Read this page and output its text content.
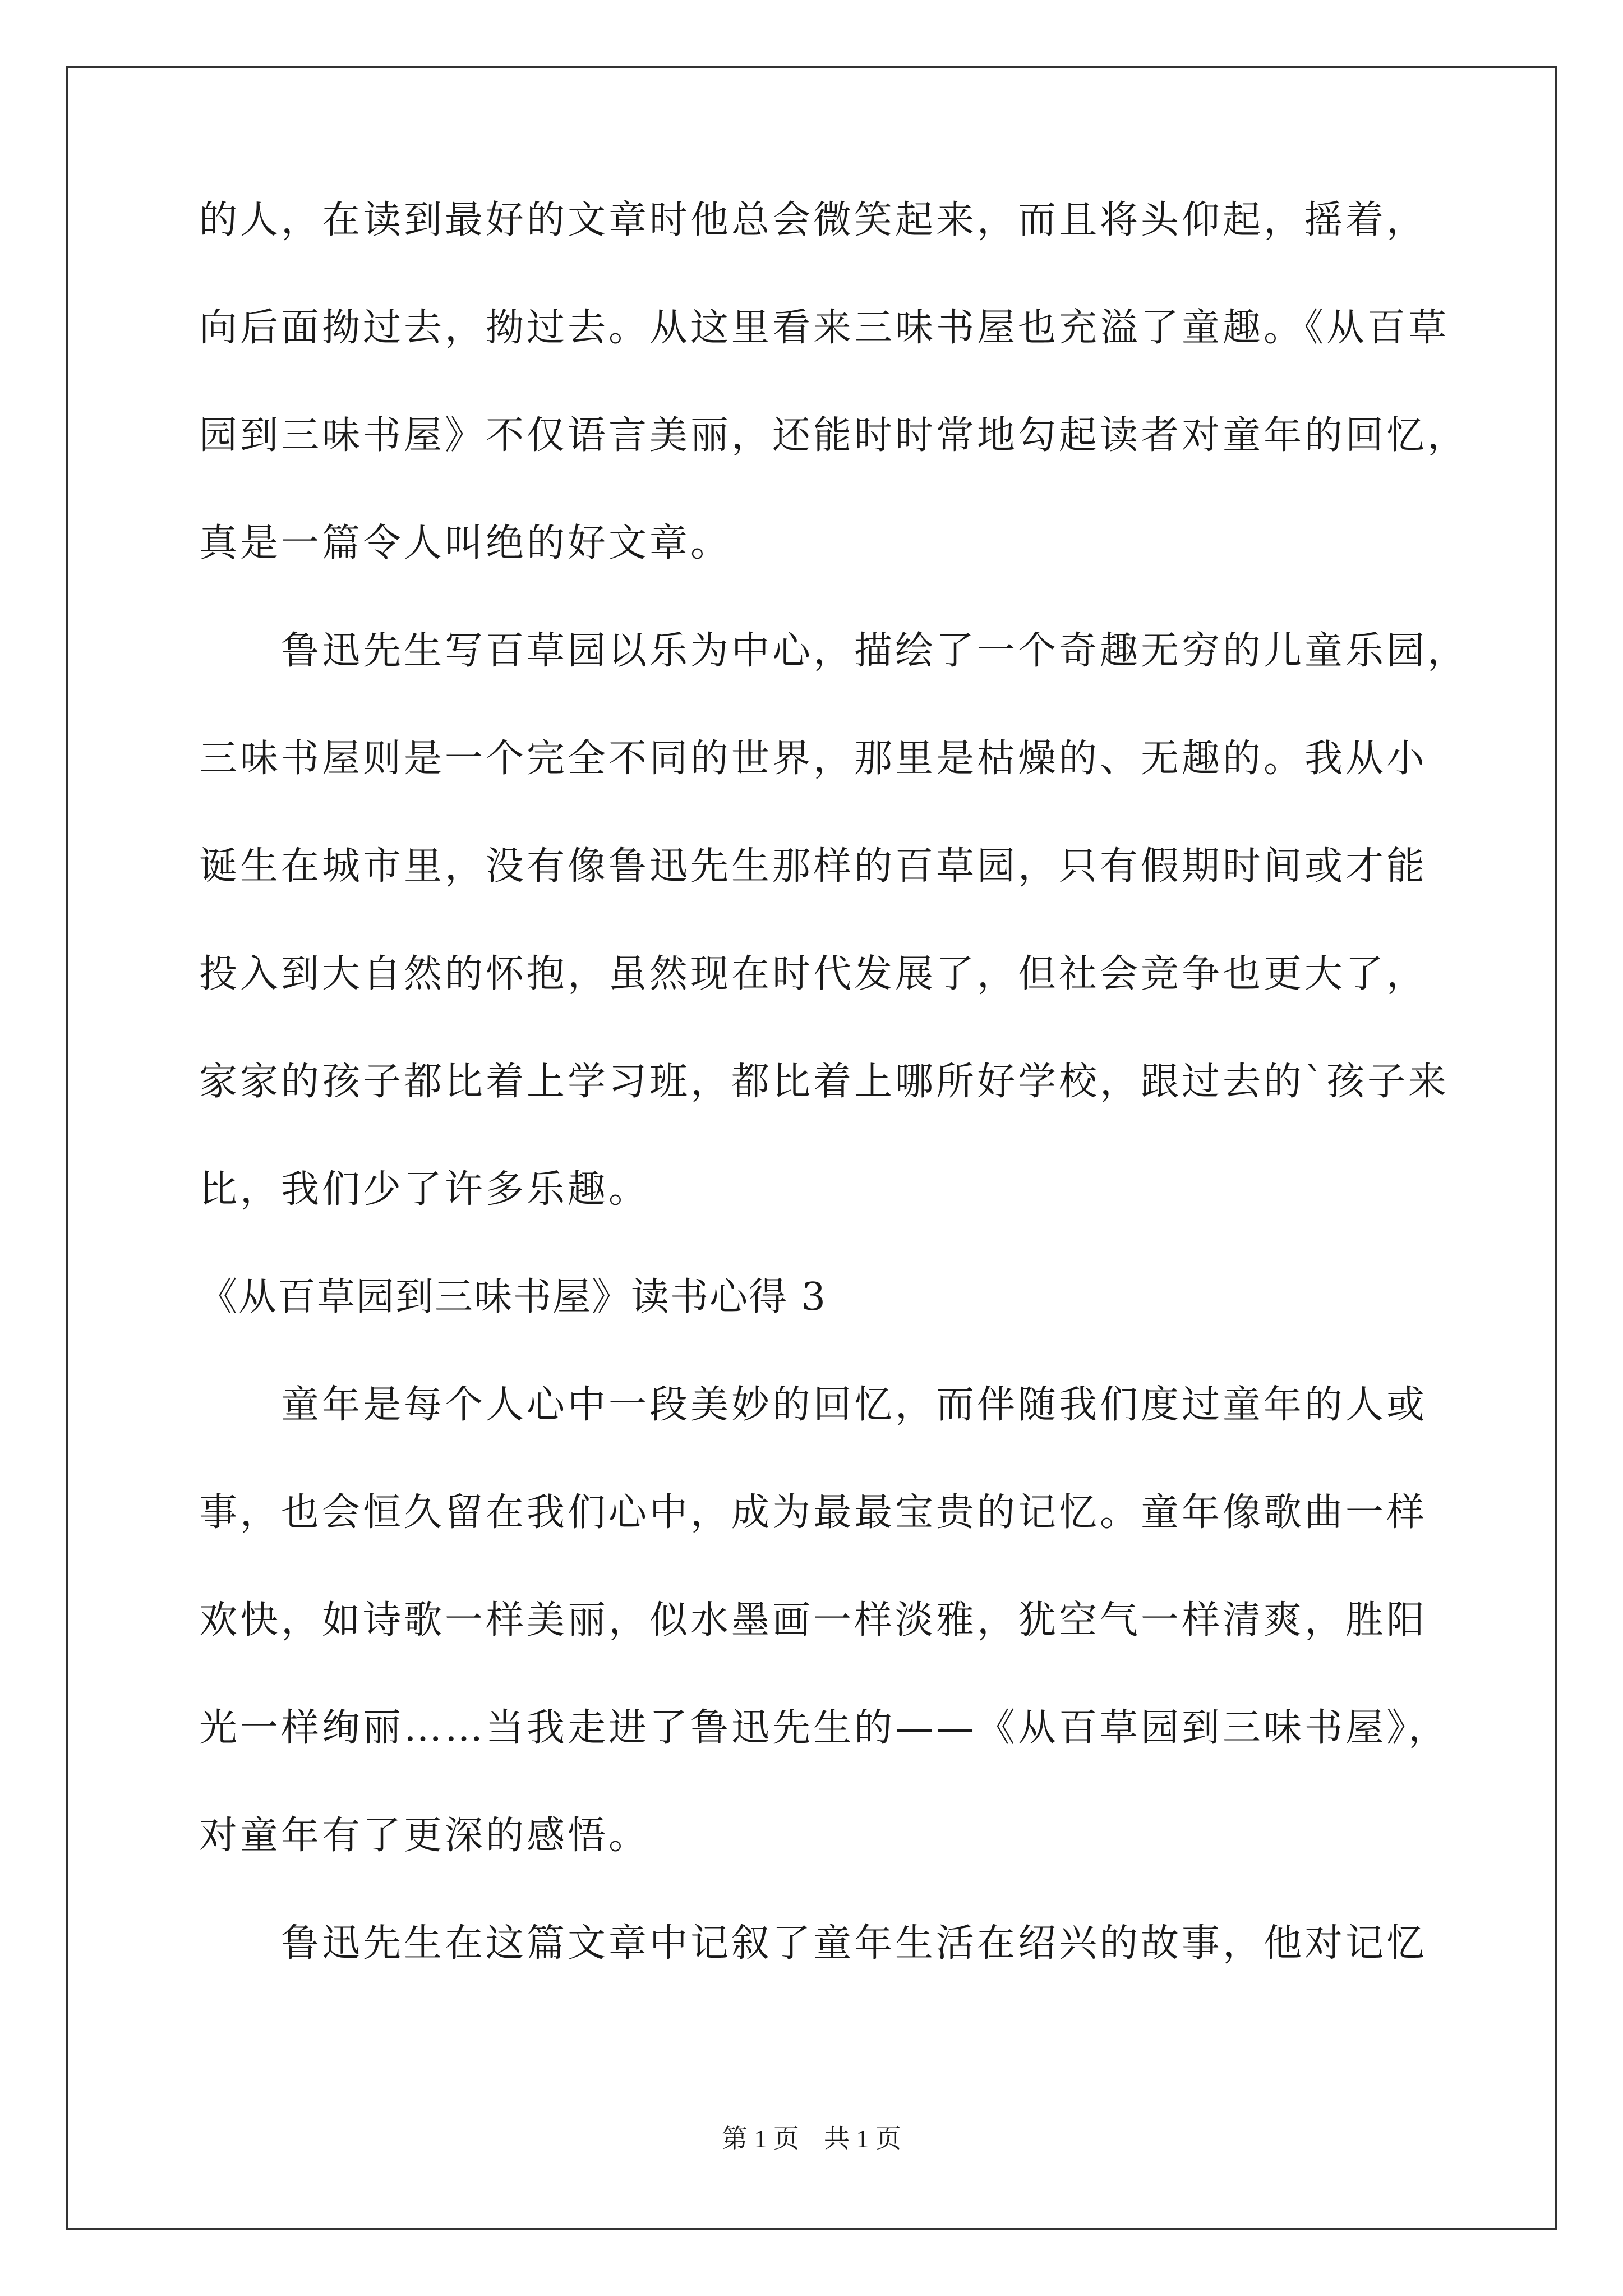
的人，在读到最好的文章时他总会微笑起来，而且将头仰起，摇着，
向后面拗过去，拗过去。从这里看来三味书屋也充溢了童趣。《从百草
园到三味书屋》不仅语言美丽，还能时时常地勾起读者对童年的回忆，
真是一篇令人叫绝的好文章。
鲁迅先生写百草园以乐为中心，描绘了一个奇趣无穷的儿童乐园，
三味书屋则是一个完全不同的世界，那里是枯燥的、无趣的。我从小
诞生在城市里，没有像鲁迅先生那样的百草园，只有假期时间或才能
投入到大自然的怀抱，虽然现在时代发展了，但社会竞争也更大了，
家家的孩子都比着上学习班，都比着上哪所好学校，跟过去的`孩子来
比，我们少了许多乐趣。
《从百草园到三味书屋》读书心得 3
童年是每个人心中一段美妙的回忆，而伴随我们度过童年的人或
事，也会恒久留在我们心中，成为最最宝贵的记忆。童年像歌曲一样
欢快，如诗歌一样美丽，似水墨画一样淡雅，犹空气一样清爽，胜阳
光一样绚丽……当我走进了鲁迅先生的——《从百草园到三味书屋》，
对童年有了更深的感悟。
鲁迅先生在这篇文章中记叙了童年生活在绍兴的故事，他对记忆
第 1 页 共 1 页
